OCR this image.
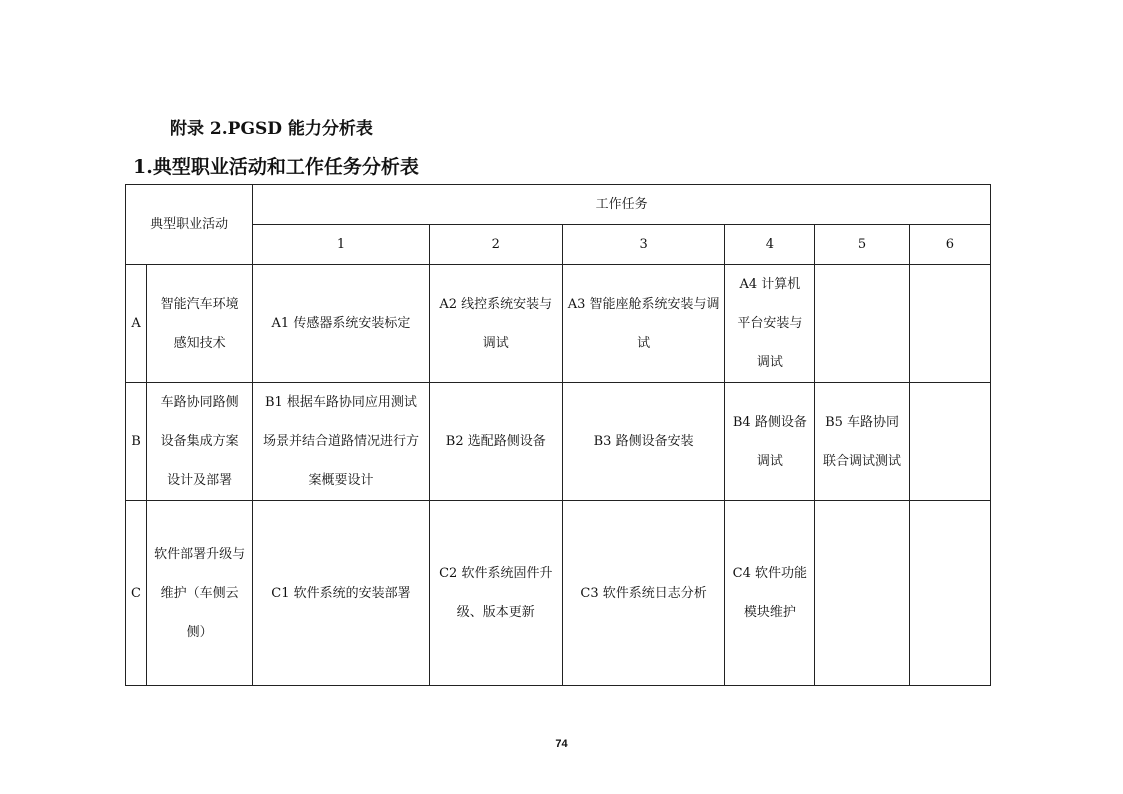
附录 2.PGSD 能力分析表
1.典型职业活动和工作任务分析表
典型职业活动		工作任务					
		1	2	3	4	5	6
A	智能汽车环境感知技术	A1 传感器系统安装标定	A2 线控系统安装与调试	A3 智能座舱系统安装与调试	A4 计算机平台安装与调试		
B	车路协同路侧设备集成方案设计及部署	B1 根据车路协同应用测试场景并结合道路情况进行方案概要设计	B2 选配路侧设备	B3 路侧设备安装	B4 路侧设备调试	B5 车路协同联合调试测试	
C	软件部署升级与维护（车侧云侧）	C1 软件系统的安装部署	C2 软件系统固件升级、版本更新	C3 软件系统日志分析	C4 软件功能模块维护		
74
